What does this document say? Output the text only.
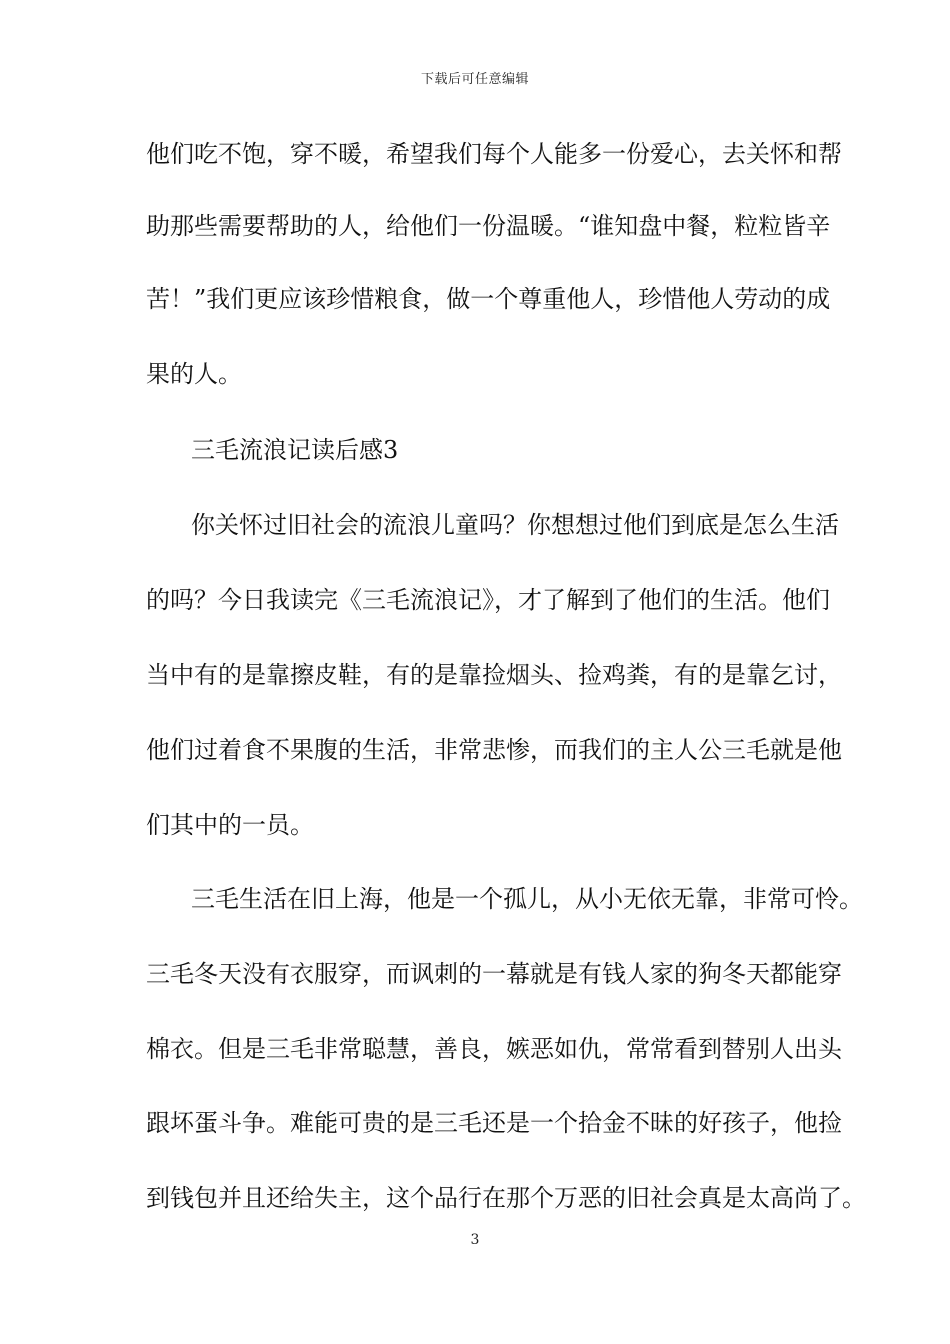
下载后可任意编辑
他们吃不饱，穿不暖，希望我们每个人能多一份爱心，去关怀和帮
助那些需要帮助的人，给他们一份温暖。“谁知盘中餐，粒粒皆辛
苦！”我们更应该珍惜粮食，做一个尊重他人，珍惜他人劳动的成
果的人。
三毛流浪记读后感3
你关怀过旧社会的流浪儿童吗？你想想过他们到底是怎么生活
的吗？今日我读完《三毛流浪记》，才了解到了他们的生活。他们
当中有的是靠擦皮鞋，有的是靠捡烟头、捡鸡粪，有的是靠乞讨，
他们过着食不果腹的生活，非常悲惨，而我们的主人公三毛就是他
们其中的一员。
三毛生活在旧上海，他是一个孤儿，从小无依无靠，非常可怜。
三毛冬天没有衣服穿，而讽刺的一幕就是有钱人家的狗冬天都能穿
棉衣。但是三毛非常聪慧，善良，嫉恶如仇，常常看到替别人出头
跟坏蛋斗争。难能可贵的是三毛还是一个拾金不昧的好孩子，他捡
到钱包并且还给失主，这个品行在那个万恶的旧社会真是太高尚了。
3
